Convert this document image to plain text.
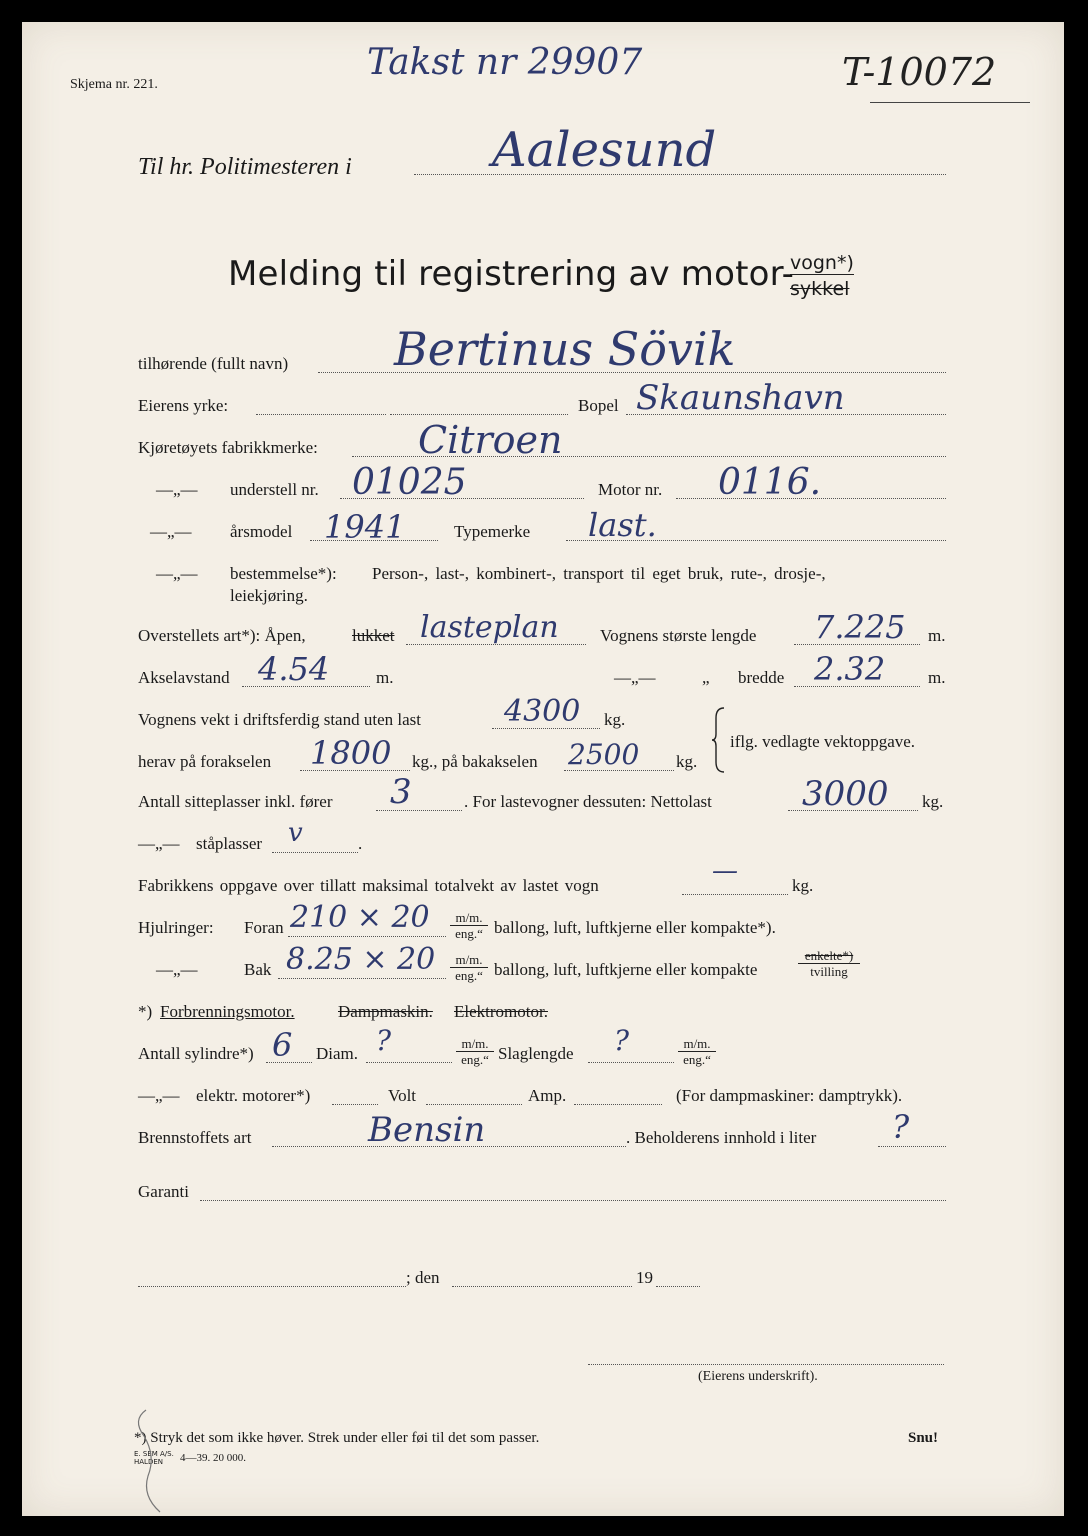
Skjema nr. 221.
Takst nr 29907	T-10072
Til hr. Politimesteren i	Aalesund
Melding til registrering av motor-
vogn*)
sykkel
tilhørende (fullt navn) Bertinus Sövik
Eierens yrke:	Bopel Skaunshavn
Kjøretøyets fabrikkmerke:	Citroen
—„— understell nr. 01025	Motor nr. 0116.
—„— årsmodel 1941	Typemerke last.
—„— bestemmelse*): Person-, last-, kombinert-, transport til eget bruk, rute-, drosje-,
leiekjøring.
Overstellets art*): Åpen,	lukket lasteplan Vognens største lengde 7.225 m.
Akselavstand 4.54	m.	—„—	„ bredde 2.32	m.
Vognens vekt i driftsferdig stand uten last	4300 kg.
herav på forakselen 1800 kg., på bakakselen 2500 kg.
iflg. vedlagte vektoppgave.
Antall sitteplasser inkl. fører 3	. For lastevogner dessuten: Nettolast	3000 kg.
—„— ståplasser v	.
Fabrikkens oppgave over tillatt maksimal totalvekt av lastet vogn	—	kg.
Hjulringer: Foran 210 × 20	m/m.
eng.“ ballong, luft, luftkjerne eller kompakte*).
—„—	Bak 8.25 × 20	m/m.
eng.“ ballong, luft, luftkjerne eller kompakte
enkelte*)
tvilling
*) Forbrenningsmotor.	Dampmaskin. Elektromotor.
Antall sylindre*) 6 Diam. ?	m/m.
eng.“ Slaglengde ?	m/m.
eng.“
—„— elektr. motorer*)	Volt	Amp.	(For dampmaskiner: damptrykk).
Brennstoffets art	Bensin	. Beholderens innhold i liter ?
Garanti
; den	19
(Eierens underskrift).
*) Stryk det som ikke høver. Strek under eller føi til det som passer.	Snu!
E. SEM A/S.
HALDEN	4—39. 20 000.
